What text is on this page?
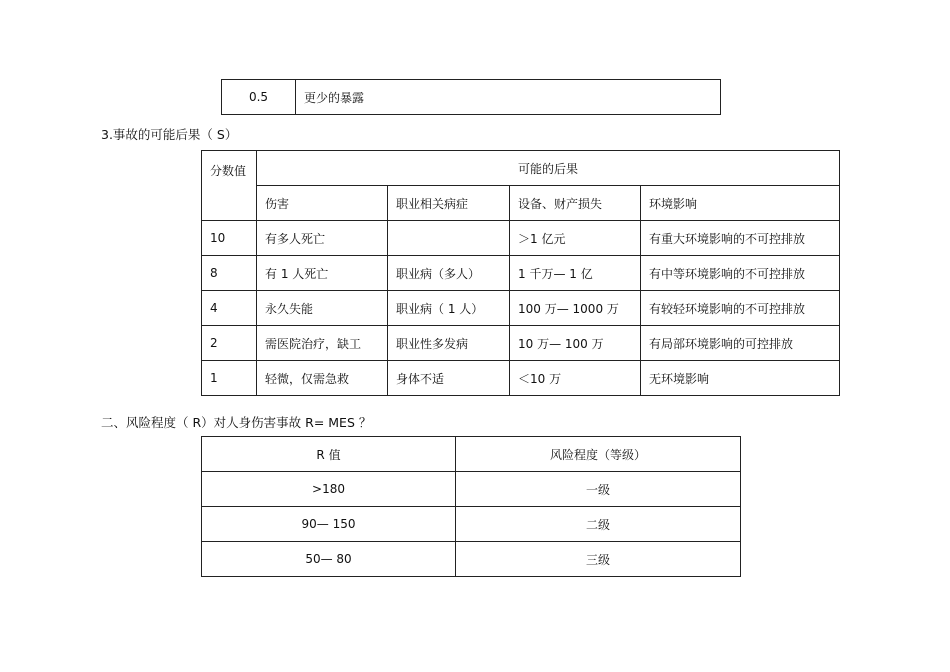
0.5	更少的暴露
3.事故的可能后果（ S）
分数值	可能的后果			
	伤害	职业相关病症	设备、财产损失	环境影响
10	有多人死亡		＞1 亿元	有重大环境影响的不可控排放
8	有 1 人死亡	职业病（多人）	1 千万— 1 亿	有中等环境影响的不可控排放
4	永久失能	职业病（ 1 人）	100 万— 1000 万	有较轻环境影响的不可控排放
2	需医院治疗，缺工	职业性多发病	10 万— 100 万	有局部环境影响的可控排放
1	轻微，仅需急救	身体不适	＜10 万	无环境影响
二、风险程度（ R）对人身伤害事故 R= MES ？
R 值	风险程度（等级）
>180	一级
90— 150	二级
50— 80	三级
